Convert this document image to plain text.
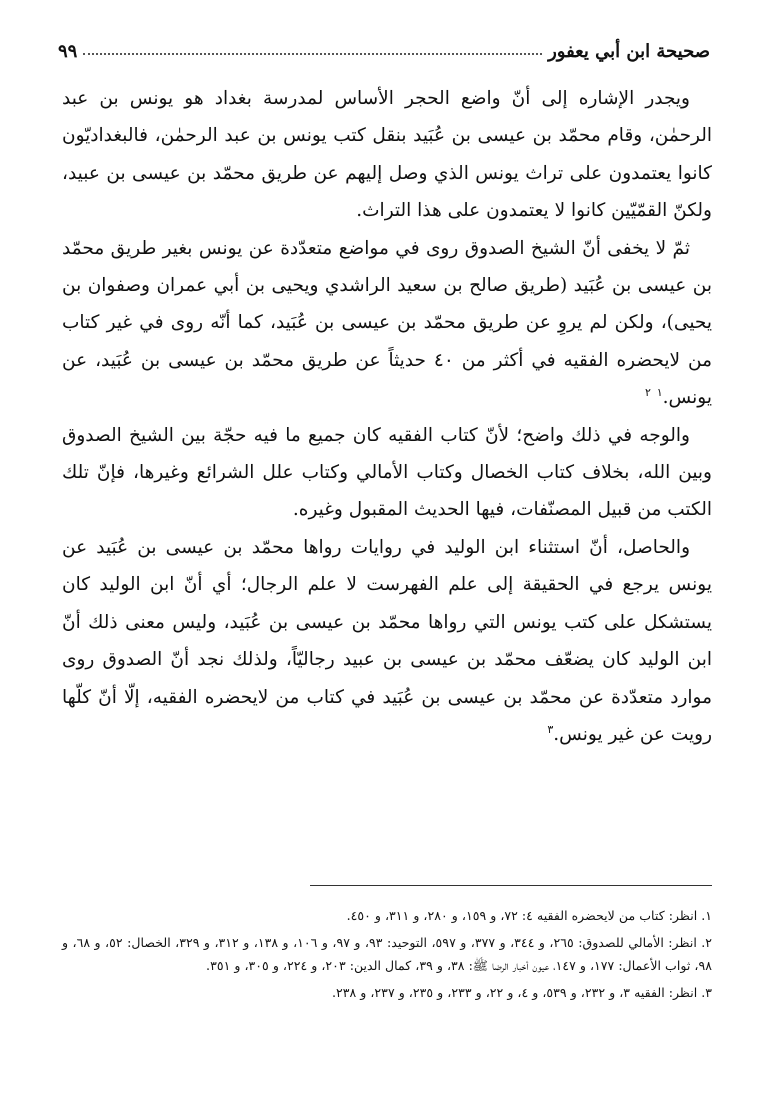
صحيحة ابن أبي يعفور
٩٩

ويجدر الإشاره إلى أنّ واضع الحجر الأساس لمدرسة بغداد هو يونس بن عبد الرحمٰن، وقام محمّد بن عيسى بن عُبَيد بنقل كتب يونس بن عبد الرحمٰن، فالبغداديّون كانوا يعتمدون على تراث يونس الذي وصل إليهم عن طريق محمّد بن عيسى بن عبيد، ولكنّ القمّيّين كانوا لا يعتمدون على هذا التراث.

ثمّ لا يخفى أنّ الشيخ الصدوق روى في مواضع متعدّدة عن يونس بغير طريق محمّد بن عيسى بن عُبَيد (طريق صالح بن سعيد الراشدي ويحيى بن أبي عمران وصفوان بن يحيى)، ولكن لم يروِ عن طريق محمّد بن عيسى بن عُبَيد، كما أنّه روى في غير كتاب من لايحضره الفقيه في أكثر من ٤٠ حديثاً عن طريق محمّد بن عيسى بن عُبَيد، عن يونس.$^١$ $^٢$

والوجه في ذلك واضح؛ لأنّ كتاب الفقيه كان جميع ما فيه حجّة بين الشيخ الصدوق وبين الله، بخلاف كتاب الخصال وكتاب الأمالي وكتاب علل الشرائع وغيرها، فإنّ تلك الكتب من قبيل المصنّفات، فيها الحديث المقبول وغيره.

والحاصل، أنّ استثناء ابن الوليد في روايات رواها محمّد بن عيسى بن عُبَيد عن يونس يرجع في الحقيقة إلى علم الفهرست لا علم الرجال؛ أي أنّ ابن الوليد كان يستشكل على كتب يونس التي رواها محمّد بن عيسى بن عُبَيد، وليس معنى ذلك أنّ ابن الوليد كان يضعّف محمّد بن عيسى بن عبيد رجاليّاً، ولذلك نجد أنّ الصدوق روى موارد متعدّدة عن محمّد بن عيسى بن عُبَيد في كتاب من لايحضره الفقيه، إلّا أنّ كلّها رويت عن غير يونس.$^٣$

١. انظر: كتاب من لايحضره الفقيه ٤: ٧٢، و ١٥٩، و ٢٨٠، و ٣١١، و ٤٥٠.

٢. انظر: الأمالي للصدوق: ٢٦٥، و ٣٤٤، و ٣٧٧، و ٥٩٧، التوحيد: ٩٣، و ٩٧، و ١٠٦، و ١٣٨، و ٣١٢، و ٣٢٩، الخصال: ٥٢، و ٦٨، و ٩٨، ثواب الأعمال: ١٧٧، و ١٤٧، عيون أخبار الرضا ﷺ: ٣٨، و ٣٩، كمال الدين: ٢٠٣، و ٢٢٤، و ٣٠٥، و ٣٥١.

٣. انظر: الفقيه ٣، و ٢٣٢، و ٥٣٩، و ٤، و ٢٢، و ٢٣٣، و ٢٣٥، و ٢٣٧، و ٢٣٨.
